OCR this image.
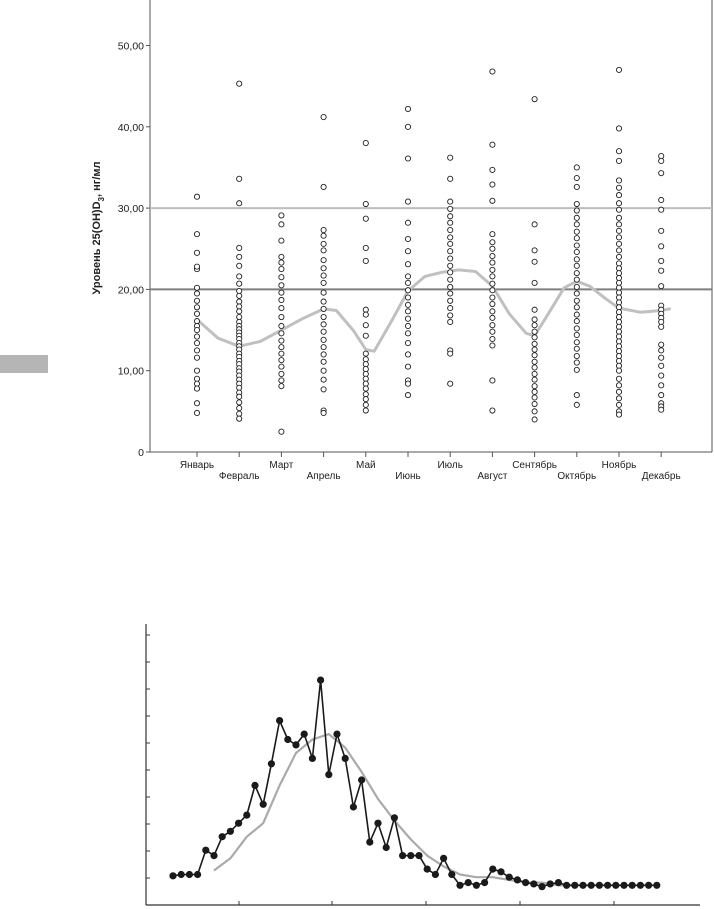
0
10,00
20,00
30,00
40,00
50,00
Уровень $25(OH)D_3$, нг/мл
Январь
Февраль
Март
Апрель
Май
Июнь
Июль
Август
Сентябрь
Октябрь
Ноябрь
Декабрь
